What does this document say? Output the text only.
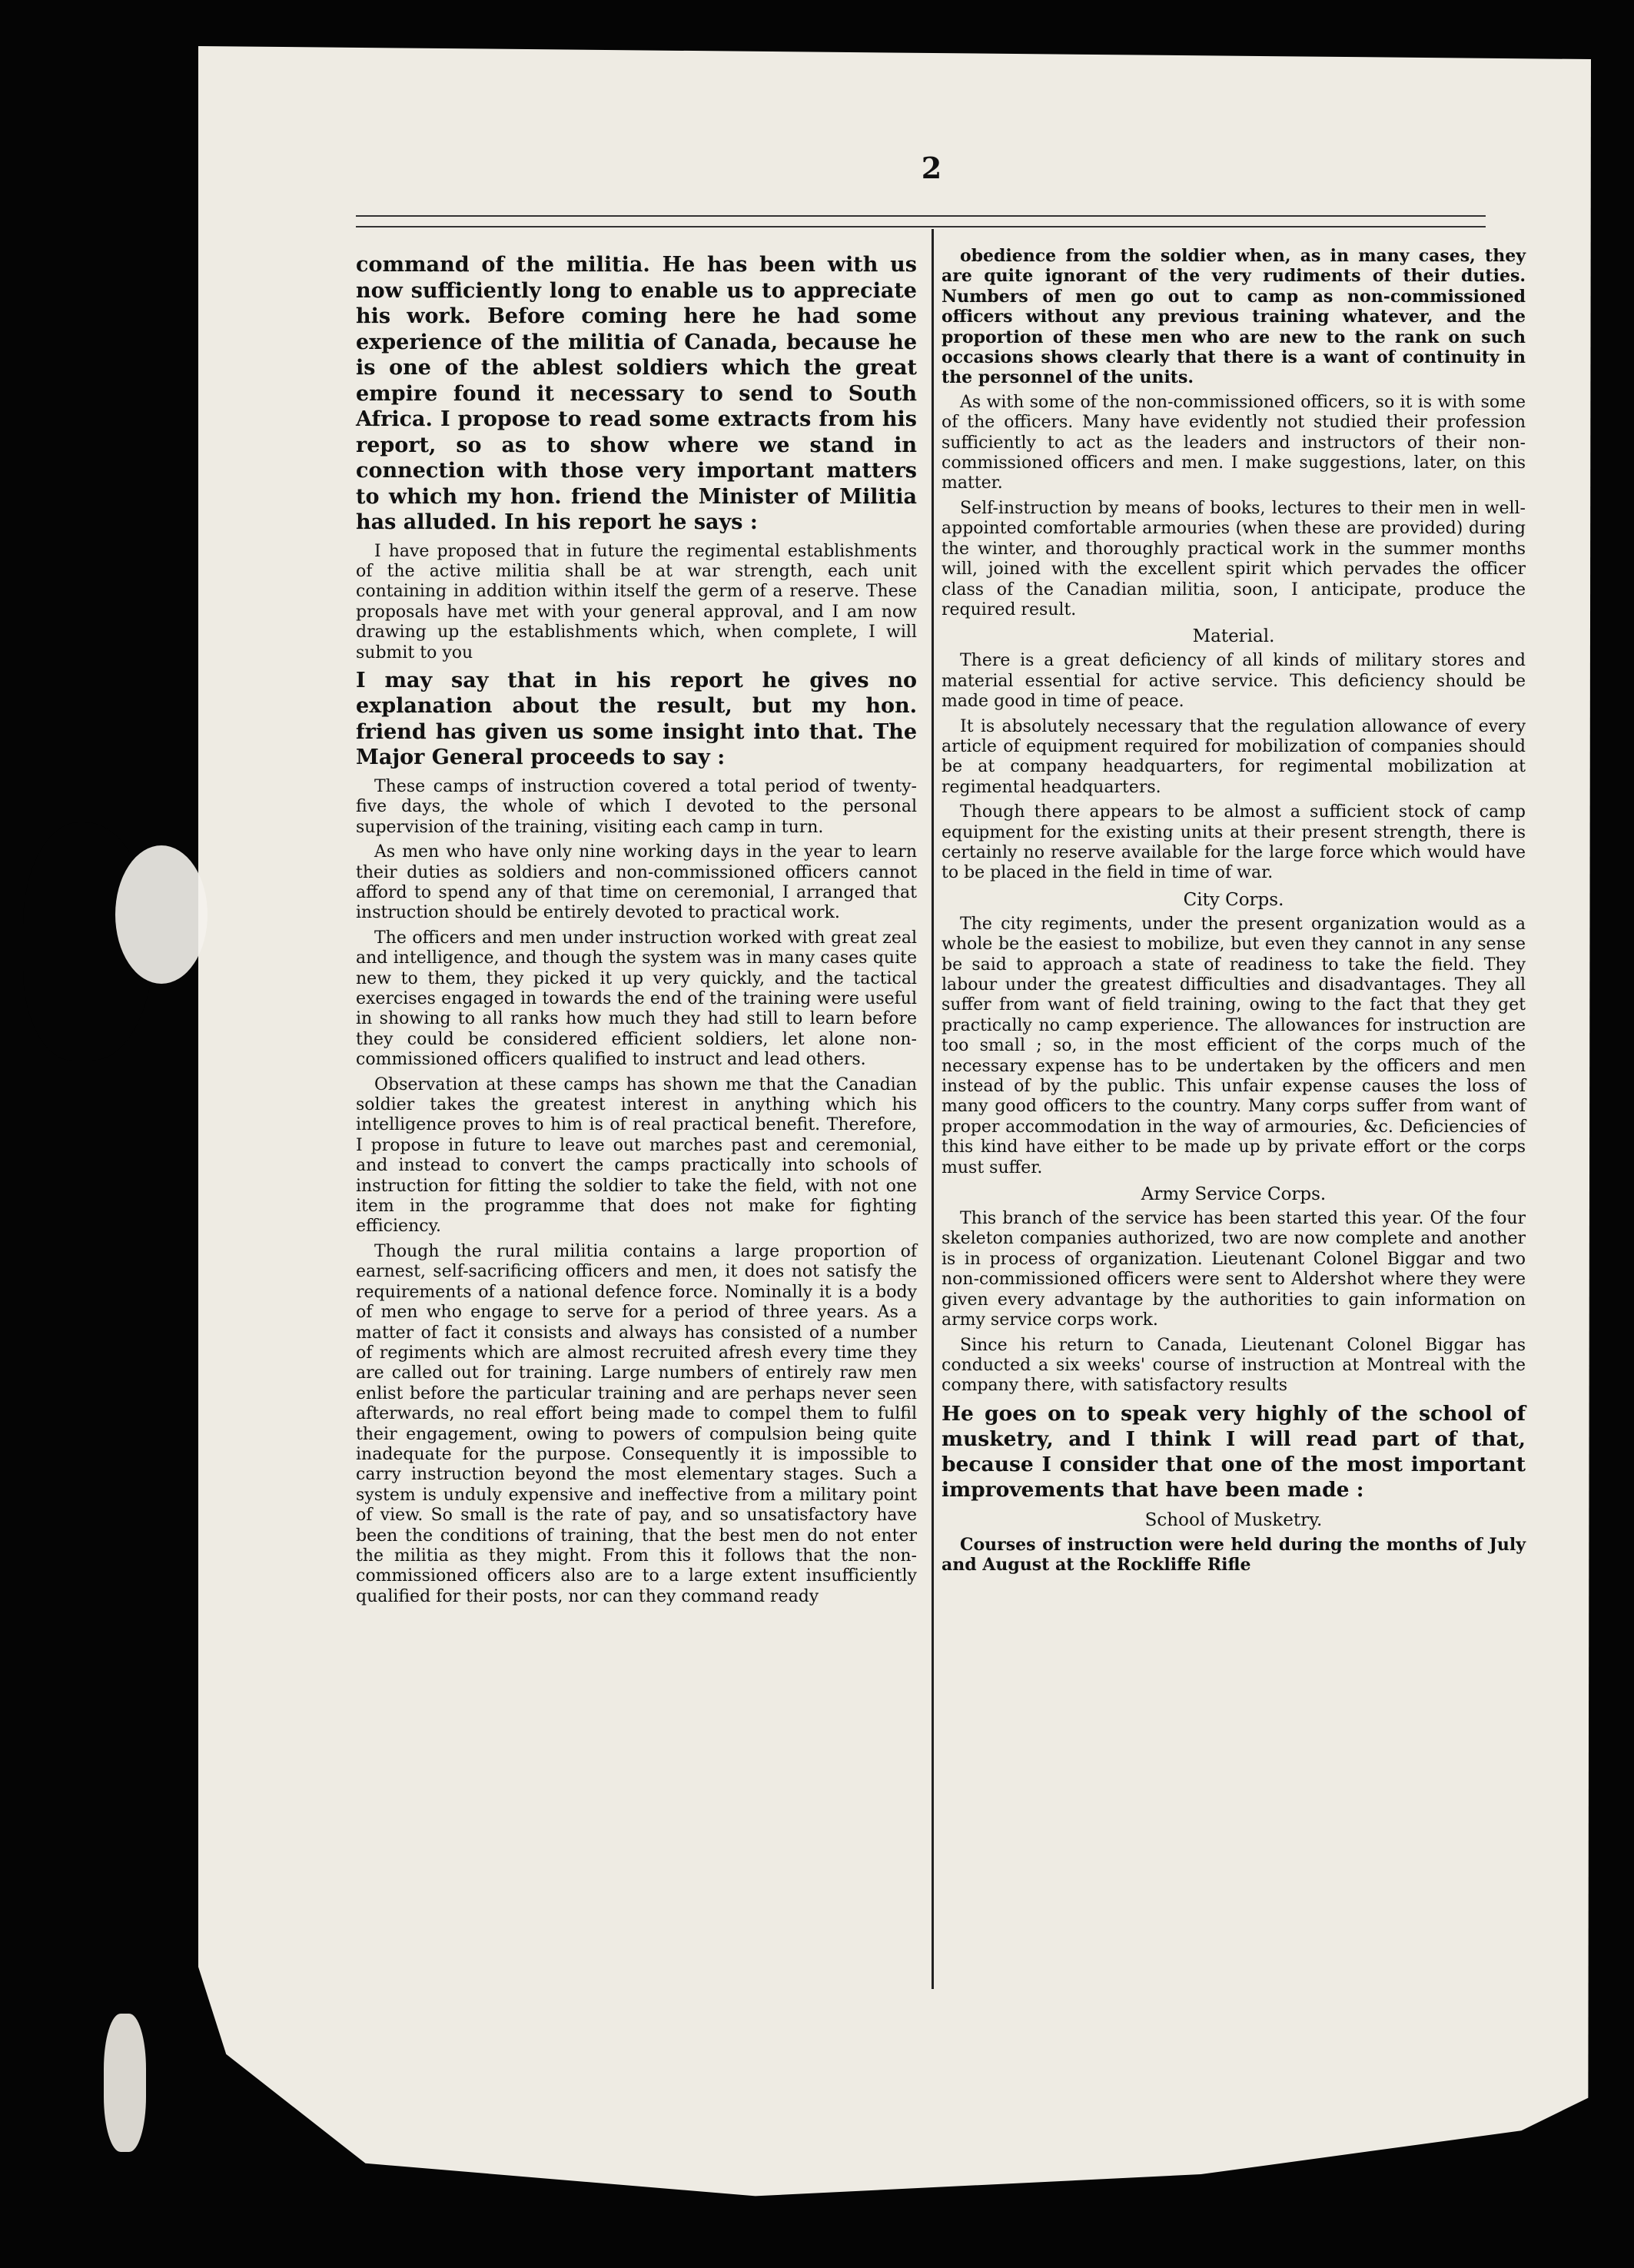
2

command of the militia. He has been with us now sufficiently long to enable us to appreciate his work. Before coming here he had some experience of the militia of Canada, because he is one of the ablest soldiers which the great empire found it necessary to send to South Africa. I propose to read some extracts from his report, so as to show where we stand in connection with those very important matters to which my hon. friend the Minister of Militia has alluded. In his report he says :

I have proposed that in future the regimental establishments of the active militia shall be at war strength, each unit containing in addition within itself the germ of a reserve. These proposals have met with your general approval, and I am now drawing up the establishments which, when complete, I will submit to you

I may say that in his report he gives no explanation about the result, but my hon. friend has given us some insight into that. The Major General proceeds to say :

These camps of instruction covered a total period of twenty-five days, the whole of which I devoted to the personal supervision of the training, visiting each camp in turn.

As men who have only nine working days in the year to learn their duties as soldiers and non-commissioned officers cannot afford to spend any of that time on ceremonial, I arranged that instruction should be entirely devoted to practical work.

The officers and men under instruction worked with great zeal and intelligence, and though the system was in many cases quite new to them, they picked it up very quickly, and the tactical exercises engaged in towards the end of the training were useful in showing to all ranks how much they had still to learn before they could be considered efficient soldiers, let alone non-commissioned officers qualified to instruct and lead others.

Observation at these camps has shown me that the Canadian soldier takes the greatest interest in anything which his intelligence proves to him is of real practical benefit. Therefore, I propose in future to leave out marches past and ceremonial, and instead to convert the camps practically into schools of instruction for fitting the soldier to take the field, with not one item in the programme that does not make for fighting efficiency.

Though the rural militia contains a large proportion of earnest, self-sacrificing officers and men, it does not satisfy the requirements of a national defence force. Nominally it is a body of men who engage to serve for a period of three years. As a matter of fact it consists and always has consisted of a number of regiments which are almost recruited afresh every time they are called out for training. Large numbers of entirely raw men enlist before the particular training and are perhaps never seen afterwards, no real effort being made to compel them to fulfil their engagement, owing to powers of compulsion being quite inadequate for the purpose. Consequently it is impossible to carry instruction beyond the most elementary stages. Such a system is unduly expensive and ineffective from a military point of view. So small is the rate of pay, and so unsatisfactory have been the conditions of training, that the best men do not enter the militia as they might. From this it follows that the non-commissioned officers also are to a large extent insufficiently qualified for their posts, nor can they command ready

obedience from the soldier when, as in many cases, they are quite ignorant of the very rudiments of their duties. Numbers of men go out to camp as non-commissioned officers without any previous training whatever, and the proportion of these men who are new to the rank on such occasions shows clearly that there is a want of continuity in the personnel of the units.

As with some of the non-commissioned officers, so it is with some of the officers. Many have evidently not studied their profession sufficiently to act as the leaders and instructors of their non-commissioned officers and men. I make suggestions, later, on this matter.

Self-instruction by means of books, lectures to their men in well-appointed comfortable armouries (when these are provided) during the winter, and thoroughly practical work in the summer months will, joined with the excellent spirit which pervades the officer class of the Canadian militia, soon, I anticipate, produce the required result.

Material.

There is a great deficiency of all kinds of military stores and material essential for active service. This deficiency should be made good in time of peace.

It is absolutely necessary that the regulation allowance of every article of equipment required for mobilization of companies should be at company headquarters, for regimental mobilization at regimental headquarters.

Though there appears to be almost a sufficient stock of camp equipment for the existing units at their present strength, there is certainly no reserve available for the large force which would have to be placed in the field in time of war.

City Corps.

The city regiments, under the present organization would as a whole be the easiest to mobilize, but even they cannot in any sense be said to approach a state of readiness to take the field. They labour under the greatest difficulties and disadvantages. They all suffer from want of field training, owing to the fact that they get practically no camp experience. The allowances for instruction are too small ; so, in the most efficient of the corps much of the necessary expense has to be undertaken by the officers and men instead of by the public. This unfair expense causes the loss of many good officers to the country. Many corps suffer from want of proper accommodation in the way of armouries, &c. Deficiencies of this kind have either to be made up by private effort or the corps must suffer.

Army Service Corps.

This branch of the service has been started this year. Of the four skeleton companies authorized, two are now complete and another is in process of organization. Lieutenant Colonel Biggar and two non-commissioned officers were sent to Aldershot where they were given every advantage by the authorities to gain information on army service corps work.

Since his return to Canada, Lieutenant Colonel Biggar has conducted a six weeks' course of instruction at Montreal with the company there, with satisfactory results

He goes on to speak very highly of the school of musketry, and I think I will read part of that, because I consider that one of the most important improvements that have been made :

School of Musketry.

Courses of instruction were held during the months of July and August at the Rockliffe Rifle
